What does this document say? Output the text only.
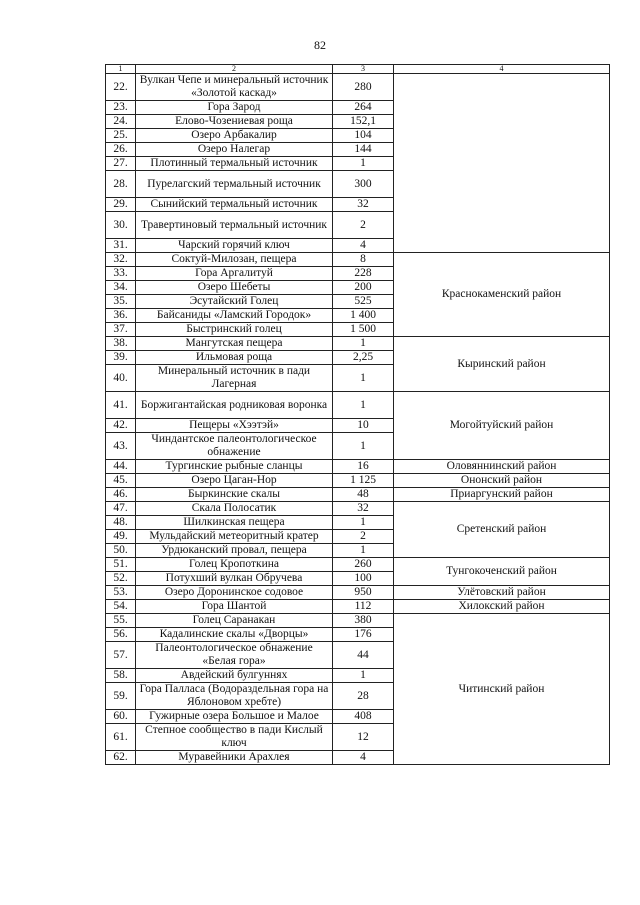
82
1	2	3	4
22.	Вулкан Чепе и минеральный источник «Золотой каскад»	280	
23.	Гора Зарод	264	
24.	Елово-Чозениевая роща	152,1	
25.	Озеро Арбакалир	104	
26.	Озеро Налегар	144	
27.	Плотинный термальный источник	1	
28.	Пурелагский термальный источник	300	
29.	Сынийский термальный источник	32	
30.	Травертиновый термальный источник	2	
31.	Чарский горячий ключ	4	
32.	Соктуй-Милозан, пещера	8	Краснокаменский район
33.	Гора Аргалитуй	228	
34.	Озеро Шебеты	200	
35.	Эсутайский Голец	525	
36.	Байсаниды «Ламский Городок»	1 400	
37.	Быстринский голец	1 500	
38.	Мангутская пещера	1	Кыринский район
39.	Ильмовая роща	2,25	
40.	Минеральный источник в пади Лагерная	1	
41.	Боржигантайская родниковая воронка	1	Могойтуйский район
42.	Пещеры «Хээтэй»	10	
43.	Чиндантское палеонтологическое обнажение	1	
44.	Тургинские рыбные сланцы	16	Оловяннинский район
45.	Озеро Цаган-Нор	1 125	Ононский район
46.	Быркинские скалы	48	Приаргунский район
47.	Скала Полосатик	32	Сретенский район
48.	Шилкинская пещера	1	
49.	Мульдайский метеоритный кратер	2	
50.	Урдюканский провал, пещера	1	
51.	Голец Кропоткина	260	Тунгокоченский район
52.	Потухший вулкан Обручева	100	
53.	Озеро Доронинское содовое	950	Улётовский район
54.	Гора Шантой	112	Хилокский район
55.	Голец Саранакан	380	Читинский район
56.	Кадалинские скалы «Дворцы»	176	
57.	Палеонтологическое обнажение «Белая гора»	44	
58.	Авдейский булгуннях	1	
59.	Гора Палласа (Водораздельная гора на Яблоновом хребте)	28	
60.	Гужирные озера Большое и Малое	408	
61.	Степное сообщество в пади Кислый ключ	12	
62.	Муравейники Арахлея	4	
